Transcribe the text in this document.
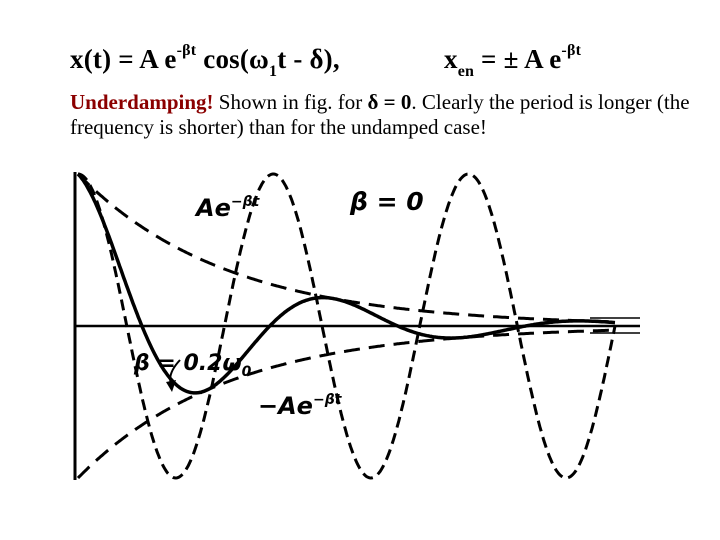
x(t) = A $e^{-\beta t}$ $\cos(\omega_1t - \delta)$,	$x_{en}$ = ± A $e^{-\beta t}$
Underdamping! Shown in fig. for δ = 0. Clearly the period is longer (the frequency is shorter) than for the undamped case!
$Ae^{-\beta t}$	β = 0
$\beta = 0.2\omega_0$
$-Ae^{-\beta t}$
